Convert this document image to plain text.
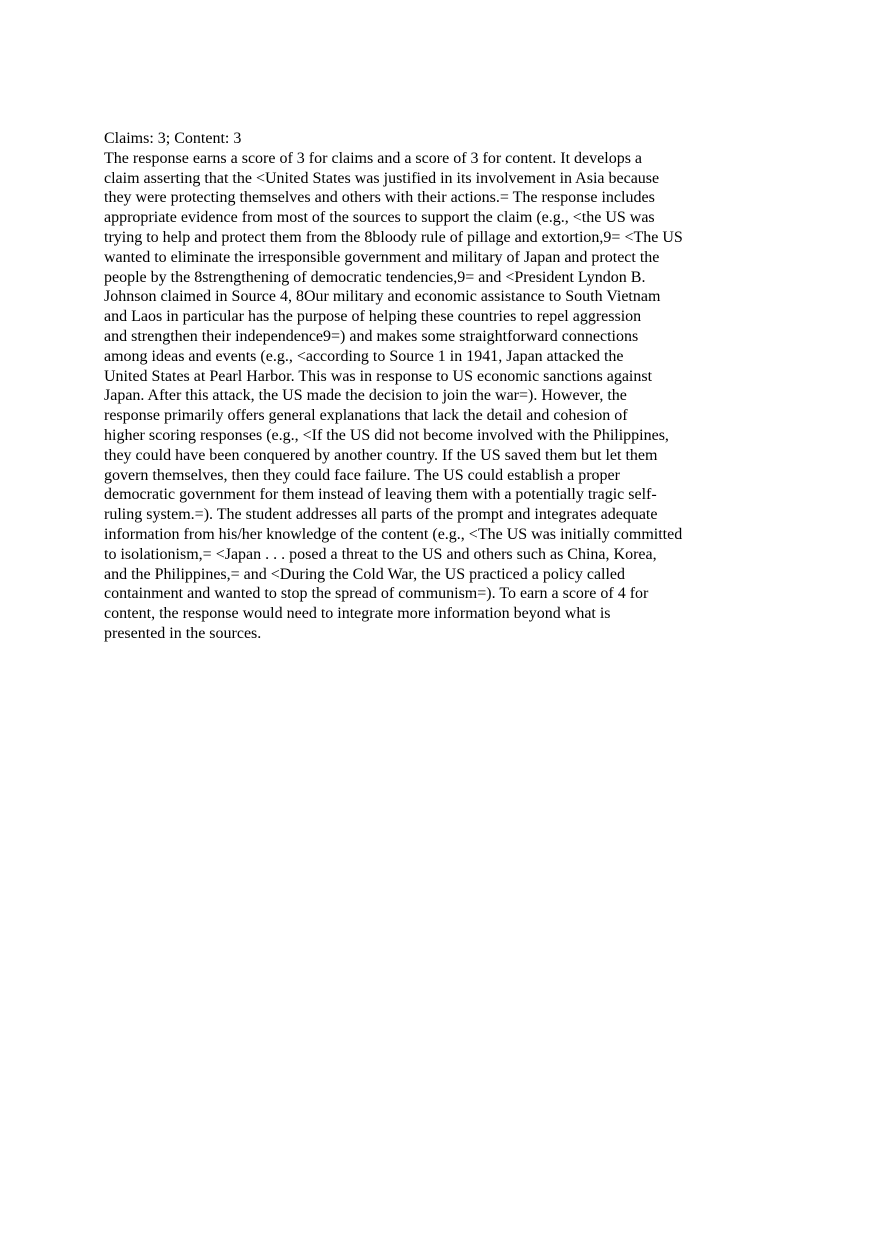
Claims: 3; Content: 3
The response earns a score of 3 for claims and a score of 3 for content. It develops a
claim asserting that the <United States was justified in its involvement in Asia because
they were protecting themselves and others with their actions.= The response includes
appropriate evidence from most of the sources to support the claim (e.g., <the US was
trying to help and protect them from the 8bloody rule of pillage and extortion,9= <The US
wanted to eliminate the irresponsible government and military of Japan and protect the
people by the 8strengthening of democratic tendencies,9= and <President Lyndon B.
Johnson claimed in Source 4, 8Our military and economic assistance to South Vietnam
and Laos in particular has the purpose of helping these countries to repel aggression
and strengthen their independence9=) and makes some straightforward connections
among ideas and events (e.g., <according to Source 1 in 1941, Japan attacked the
United States at Pearl Harbor. This was in response to US economic sanctions against
Japan. After this attack, the US made the decision to join the war=). However, the
response primarily offers general explanations that lack the detail and cohesion of
higher scoring responses (e.g., <If the US did not become involved with the Philippines,
they could have been conquered by another country. If the US saved them but let them
govern themselves, then they could face failure. The US could establish a proper
democratic government for them instead of leaving them with a potentially tragic self-
ruling system.=). The student addresses all parts of the prompt and integrates adequate
information from his/her knowledge of the content (e.g., <The US was initially committed
to isolationism,= <Japan . . . posed a threat to the US and others such as China, Korea,
and the Philippines,= and <During the Cold War, the US practiced a policy called
containment and wanted to stop the spread of communism=). To earn a score of 4 for
content, the response would need to integrate more information beyond what is
presented in the sources.
